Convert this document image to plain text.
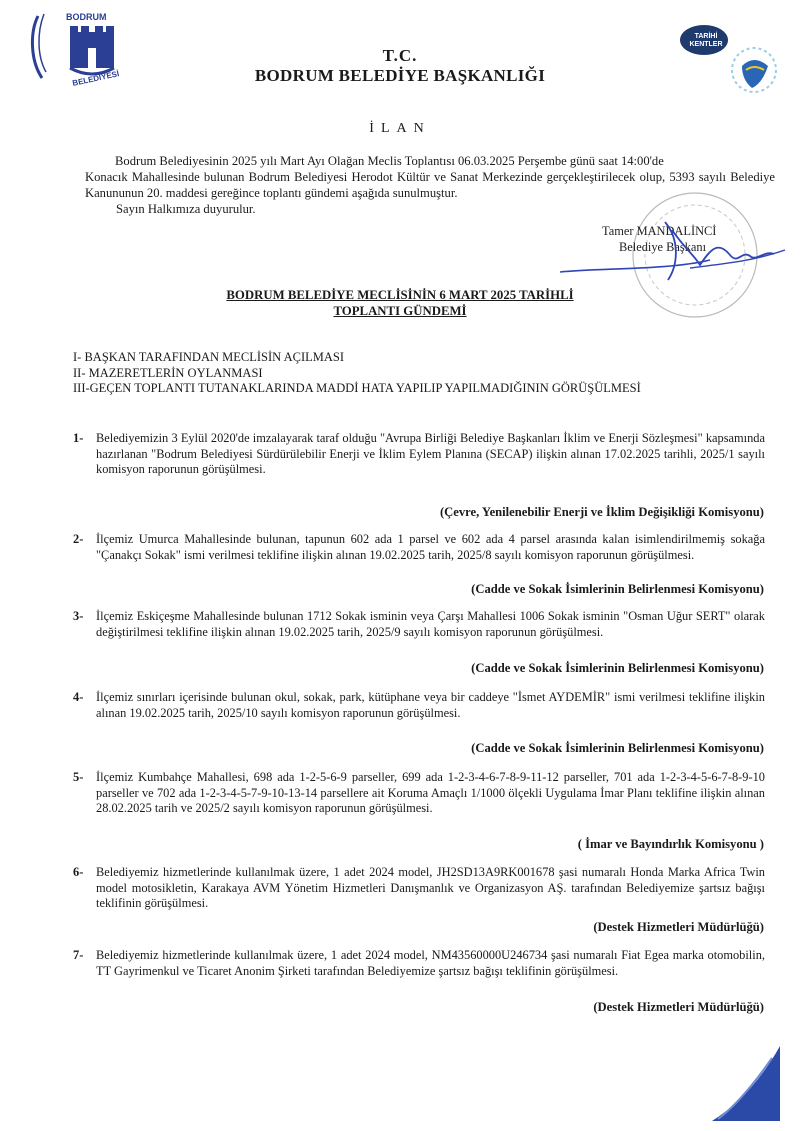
BODRUM
BELEDİYESİ
TARİHİ KENTLER
T.C.
BODRUM BELEDİYE BAŞKANLIĞI
İLAN

Bodrum Belediyesinin 2025 yılı Mart Ayı Olağan Meclis Toplantısı 06.03.2025 Perşembe günü saat 14:00'de

Konacık Mahallesinde bulunan Bodrum Belediyesi Herodot Kültür ve Sanat Merkezinde gerçekleştirilecek olup, 5393 sayılı Belediye Kanununun 20. maddesi gereğince toplantı gündemi aşağıda sunulmuştur.

Sayın Halkımıza duyurulur.
Tamer MANDALİNCİ
Belediye Başkanı
BODRUM BELEDİYE MECLİSİNİN 6 MART 2025 TARİHLİ
TOPLANTI GÜNDEMİ
I- BAŞKAN TARAFINDAN MECLİSİN AÇILMASI
II- MAZERETLERİN OYLANMASI
III-GEÇEN TOPLANTI TUTANAKLARINDA MADDİ HATA YAPILIP YAPILMADIĞININ GÖRÜŞÜLMESİ
1- Belediyemizin 3 Eylül 2020'de imzalayarak taraf olduğu "Avrupa Birliği Belediye Başkanları İklim ve Enerji Sözleşmesi" kapsamında hazırlanan "Bodrum Belediyesi Sürdürülebilir Enerji ve İklim Eylem Planına (SECAP) ilişkin alınan 17.02.2025 tarihli, 2025/1 sayılı komisyon raporunun görüşülmesi.
(Çevre, Yenilenebilir Enerji ve İklim Değişikliği Komisyonu)
2- İlçemiz Umurca Mahallesinde bulunan, tapunun 602 ada 1 parsel ve 602 ada 4 parsel arasında kalan isimlendirilmemiş sokağa "Çanakçı Sokak" ismi verilmesi teklifine ilişkin alınan 19.02.2025 tarih, 2025/8 sayılı komisyon raporunun görüşülmesi.
(Cadde ve Sokak İsimlerinin Belirlenmesi Komisyonu)
3- İlçemiz Eskiçeşme Mahallesinde bulunan 1712 Sokak isminin veya Çarşı Mahallesi 1006 Sokak isminin "Osman Uğur SERT" olarak değiştirilmesi teklifine ilişkin alınan 19.02.2025 tarih, 2025/9 sayılı komisyon raporunun görüşülmesi.
(Cadde ve Sokak İsimlerinin Belirlenmesi Komisyonu)
4- İlçemiz sınırları içerisinde bulunan okul, sokak, park, kütüphane veya bir caddeye "İsmet AYDEMİR" ismi verilmesi teklifine ilişkin alınan 19.02.2025 tarih, 2025/10 sayılı komisyon raporunun görüşülmesi.
(Cadde ve Sokak İsimlerinin Belirlenmesi Komisyonu)
5- İlçemiz Kumbahçe Mahallesi, 698 ada 1-2-5-6-9 parseller, 699 ada 1-2-3-4-6-7-8-9-11-12 parseller, 701 ada 1-2-3-4-5-6-7-8-9-10 parseller ve 702 ada 1-2-3-4-5-7-9-10-13-14 parsellere ait Koruma Amaçlı 1/1000 ölçekli Uygulama İmar Planı teklifine ilişkin alınan 28.02.2025 tarih ve 2025/2 sayılı komisyon raporunun görüşülmesi.
( İmar ve Bayındırlık Komisyonu )
6- Belediyemiz hizmetlerinde kullanılmak üzere, 1 adet 2024 model, JH2SD13A9RK001678 şasi numaralı Honda Marka Africa Twin model motosikletin, Karakaya AVM Yönetim Hizmetleri Danışmanlık ve Organizasyon AŞ. tarafından Belediyemize şartsız bağışı teklifinin görüşülmesi.
(Destek Hizmetleri Müdürlüğü)
7- Belediyemiz hizmetlerinde kullanılmak üzere, 1 adet 2024 model, NM43560000U246734 şasi numaralı Fiat Egea marka otomobilin, TT Gayrimenkul ve Ticaret Anonim Şirketi tarafından Belediyemize şartsız bağışı teklifinin görüşülmesi.
(Destek Hizmetleri Müdürlüğü)
